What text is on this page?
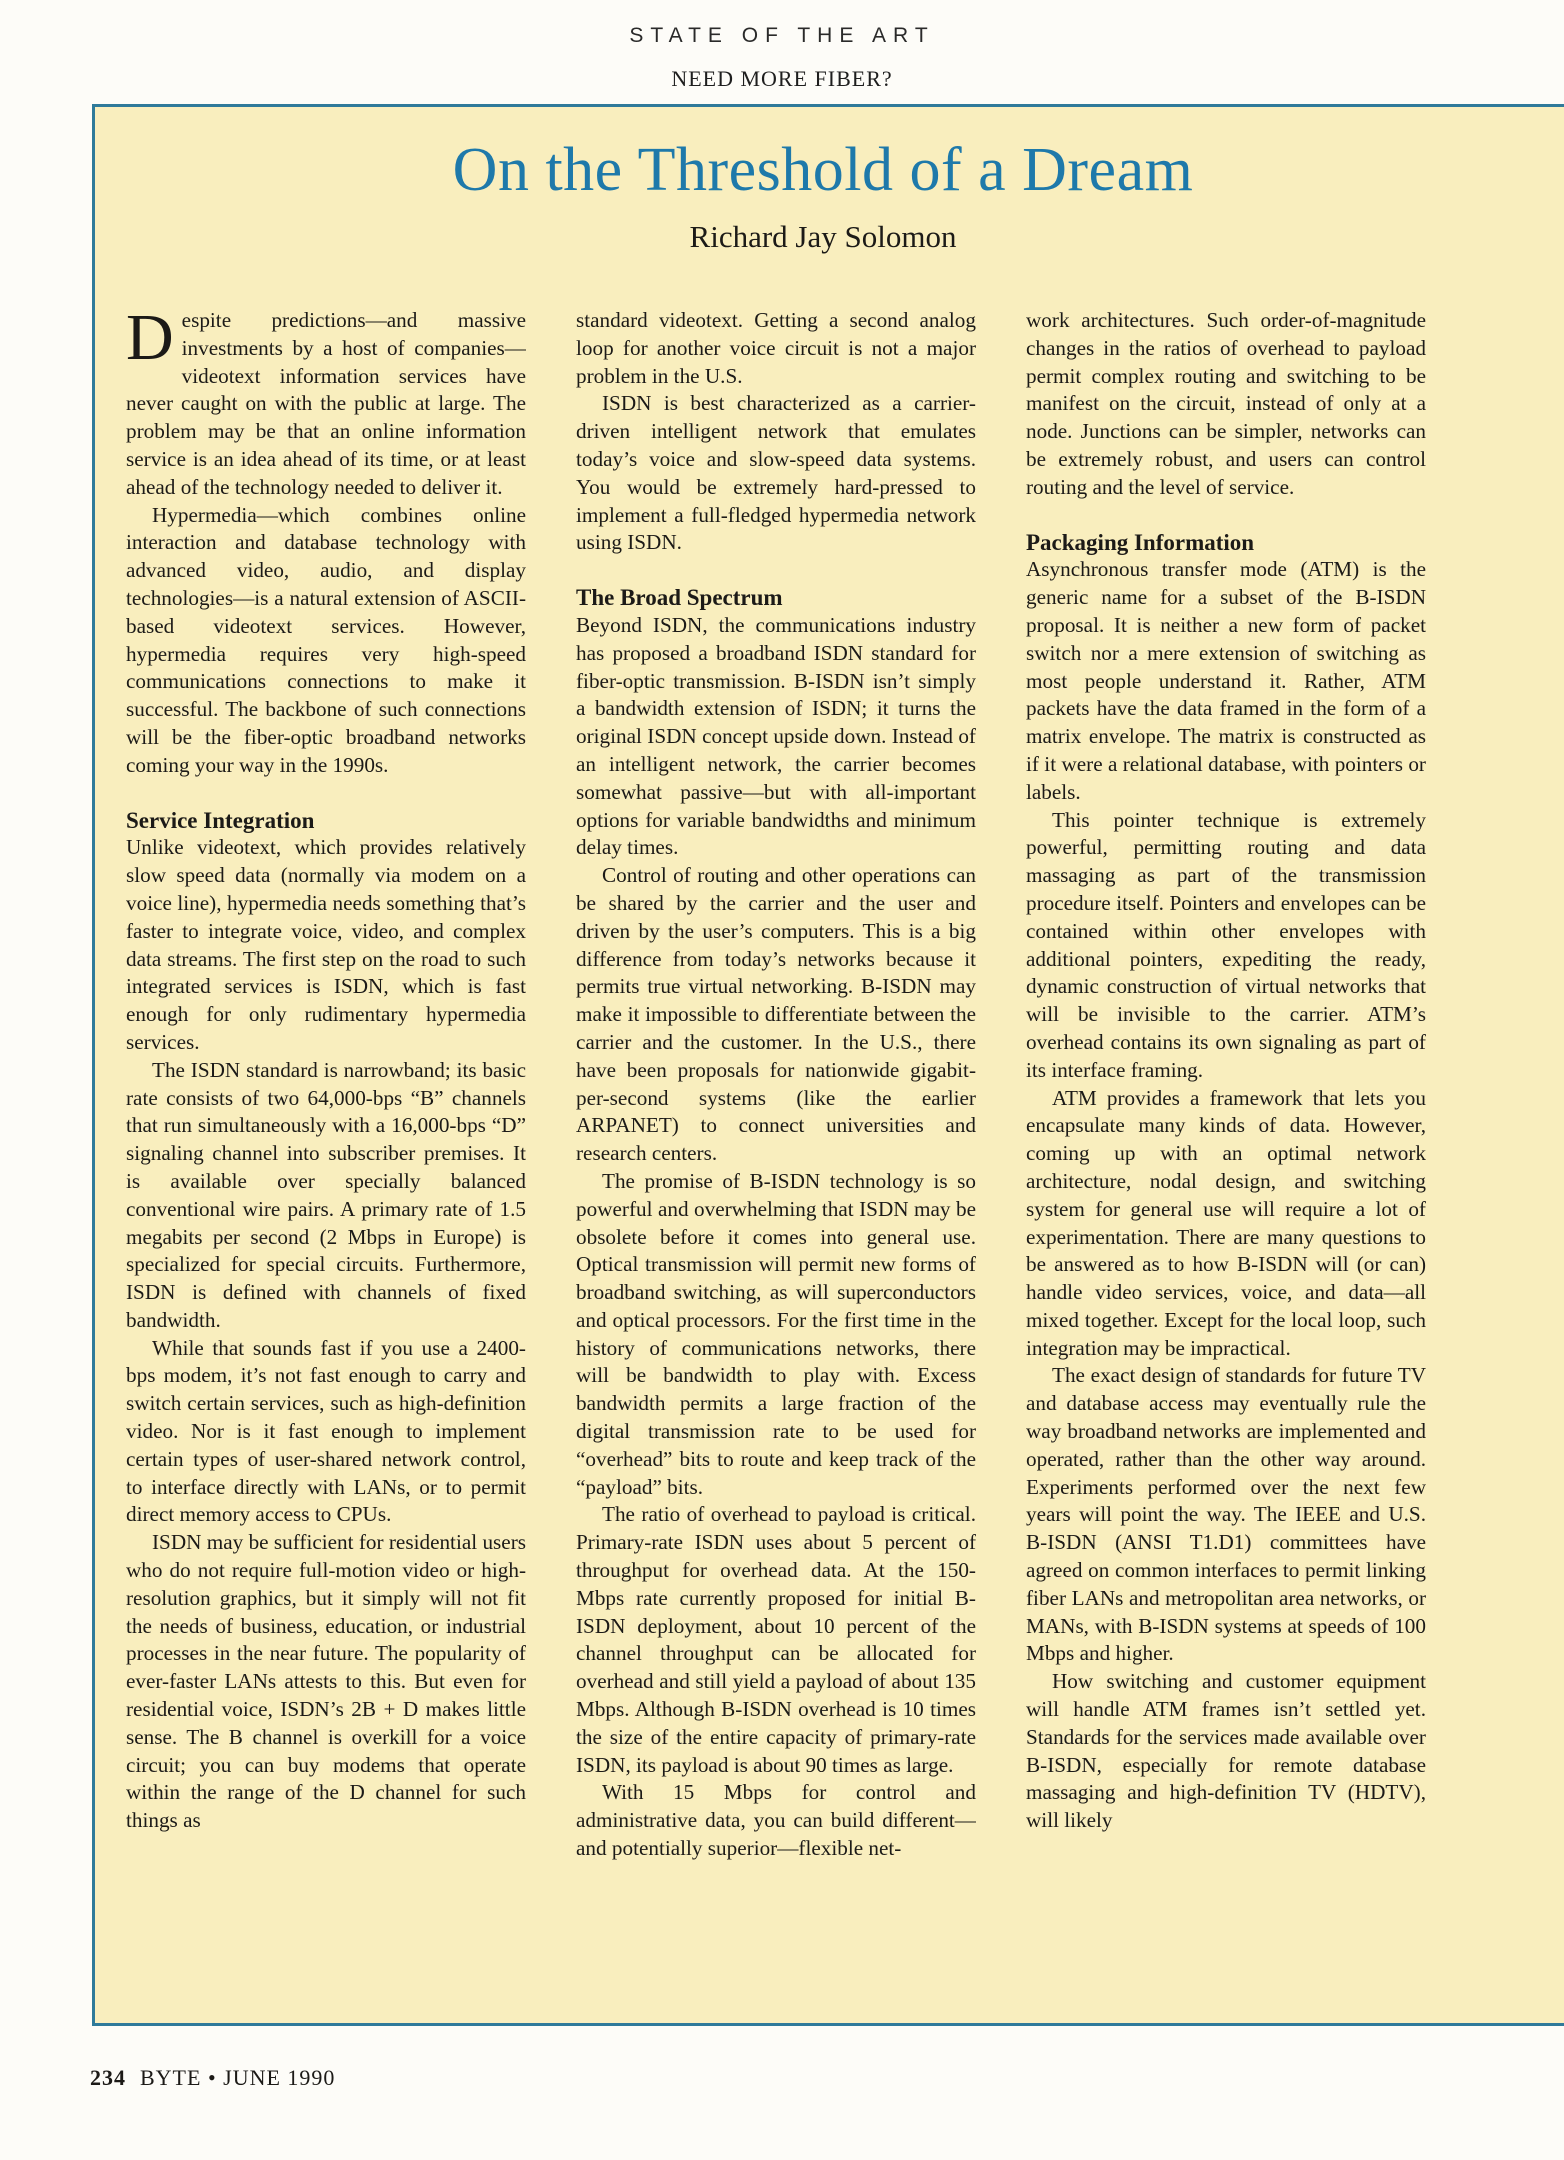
STATE OF THE ART
NEED MORE FIBER?
On the Threshold of a Dream
Richard Jay Solomon

Despite predictions—and massive investments by a host of companies—videotext information services have never caught on with the public at large. The problem may be that an online information service is an idea ahead of its time, or at least ahead of the technology needed to deliver it.

Hypermedia—which combines online interaction and database technology with advanced video, audio, and display technologies—is a natural extension of ASCII-based videotext services. However, hypermedia requires very high-speed communications connections to make it successful. The backbone of such connections will be the fiber-optic broadband networks coming your way in the 1990s.

Service Integration

Unlike videotext, which provides relatively slow speed data (normally via modem on a voice line), hypermedia needs something that’s faster to integrate voice, video, and complex data streams. The first step on the road to such integrated services is ISDN, which is fast enough for only rudimentary hypermedia services.

The ISDN standard is narrowband; its basic rate consists of two 64,000-bps “B” channels that run simultaneously with a 16,000-bps “D” signaling channel into subscriber premises. It is available over specially balanced conventional wire pairs. A primary rate of 1.5 megabits per second (2 Mbps in Europe) is specialized for special circuits. Furthermore, ISDN is defined with channels of fixed bandwidth.

While that sounds fast if you use a 2400-bps modem, it’s not fast enough to carry and switch certain services, such as high-definition video. Nor is it fast enough to implement certain types of user-shared network control, to interface directly with LANs, or to permit direct memory access to CPUs.

ISDN may be sufficient for residential users who do not require full-motion video or high-resolution graphics, but it simply will not fit the needs of business, education, or industrial processes in the near future. The popularity of ever-faster LANs attests to this. But even for residential voice, ISDN’s 2B + D makes little sense. The B channel is overkill for a voice circuit; you can buy modems that operate within the range of the D channel for such things as

standard videotext. Getting a second analog loop for another voice circuit is not a major problem in the U.S.

ISDN is best characterized as a carrier-driven intelligent network that emulates today’s voice and slow-speed data systems. You would be extremely hard-pressed to implement a full-fledged hypermedia network using ISDN.

The Broad Spectrum

Beyond ISDN, the communications industry has proposed a broadband ISDN standard for fiber-optic transmission. B-ISDN isn’t simply a bandwidth extension of ISDN; it turns the original ISDN concept upside down. Instead of an intelligent network, the carrier becomes somewhat passive—but with all-important options for variable bandwidths and minimum delay times.

Control of routing and other operations can be shared by the carrier and the user and driven by the user’s computers. This is a big difference from today’s networks because it permits true virtual networking. B-ISDN may make it impossible to differentiate between the carrier and the customer. In the U.S., there have been proposals for nationwide gigabit-per-second systems (like the earlier ARPANET) to connect universities and research centers.

The promise of B-ISDN technology is so powerful and overwhelming that ISDN may be obsolete before it comes into general use. Optical transmission will permit new forms of broadband switching, as will superconductors and optical processors. For the first time in the history of communications networks, there will be bandwidth to play with. Excess bandwidth permits a large fraction of the digital transmission rate to be used for “overhead” bits to route and keep track of the “payload” bits.

The ratio of overhead to payload is critical. Primary-rate ISDN uses about 5 percent of throughput for overhead data. At the 150-Mbps rate currently proposed for initial B-ISDN deployment, about 10 percent of the channel throughput can be allocated for overhead and still yield a payload of about 135 Mbps. Although B-ISDN overhead is 10 times the size of the entire capacity of primary-rate ISDN, its payload is about 90 times as large.

With 15 Mbps for control and administrative data, you can build different—and potentially superior—flexible net-

work architectures. Such order-of-magnitude changes in the ratios of overhead to payload permit complex routing and switching to be manifest on the circuit, instead of only at a node. Junctions can be simpler, networks can be extremely robust, and users can control routing and the level of service.

Packaging Information

Asynchronous transfer mode (ATM) is the generic name for a subset of the B-ISDN proposal. It is neither a new form of packet switch nor a mere extension of switching as most people understand it. Rather, ATM packets have the data framed in the form of a matrix envelope. The matrix is constructed as if it were a relational database, with pointers or labels.

This pointer technique is extremely powerful, permitting routing and data massaging as part of the transmission procedure itself. Pointers and envelopes can be contained within other envelopes with additional pointers, expediting the ready, dynamic construction of virtual networks that will be invisible to the carrier. ATM’s overhead contains its own signaling as part of its interface framing.

ATM provides a framework that lets you encapsulate many kinds of data. However, coming up with an optimal network architecture, nodal design, and switching system for general use will require a lot of experimentation. There are many questions to be answered as to how B-ISDN will (or can) handle video services, voice, and data—all mixed together. Except for the local loop, such integration may be impractical.

The exact design of standards for future TV and database access may eventually rule the way broadband networks are implemented and operated, rather than the other way around. Experiments performed over the next few years will point the way. The IEEE and U.S. B-ISDN (ANSI T1.D1) committees have agreed on common interfaces to permit linking fiber LANs and metropolitan area networks, or MANs, with B-ISDN systems at speeds of 100 Mbps and higher.

How switching and customer equipment will handle ATM frames isn’t settled yet. Standards for the services made available over B-ISDN, especially for remote database massaging and high-definition TV (HDTV), will likely

234 BYTE • JUNE 1990
